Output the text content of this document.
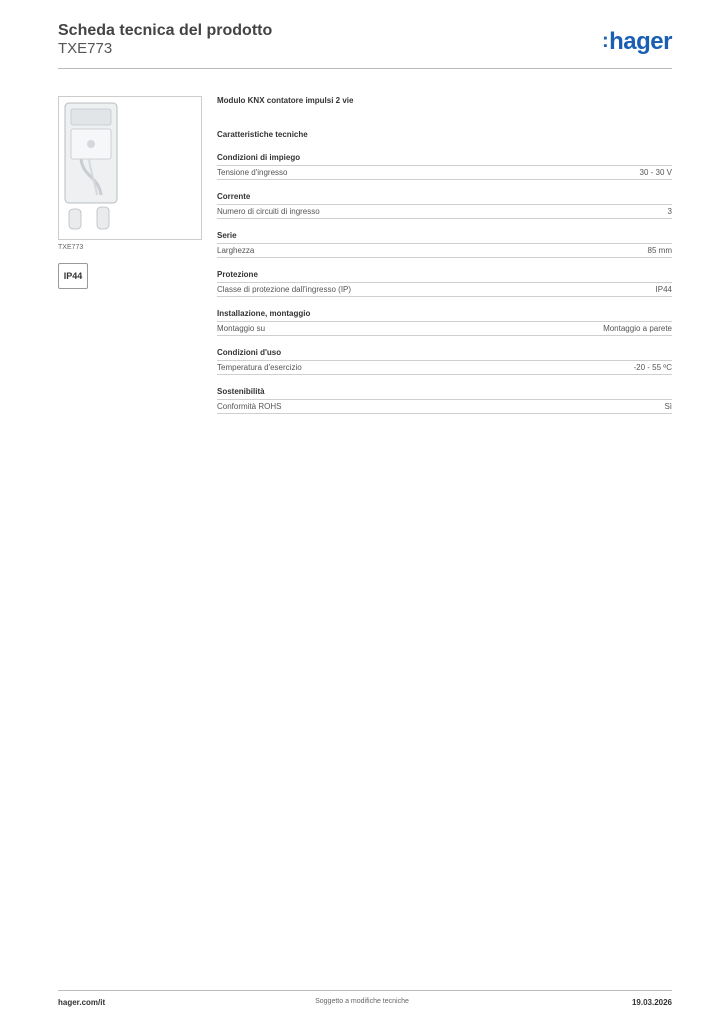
Scheda tecnica del prodotto
TXE773	:hager
TXE773
IP44
Modulo KNX contatore impulsi 2 vie
Caratteristiche tecniche
Condizioni di impiego
Tensione d'ingresso	30 - 30 V
Corrente
Numero di circuiti di ingresso	3
Serie
Larghezza	85 mm
Protezione
Classe di protezione dall'ingresso (IP)	IP44
Installazione, montaggio
Montaggio su	Montaggio a parete
Condizioni d'uso
Temperatura d'esercizio	-20 - 55 ºC
Sostenibilità
Conformità ROHS	Sì
hager.com/it	Soggetto a modifiche tecniche	19.03.2026
